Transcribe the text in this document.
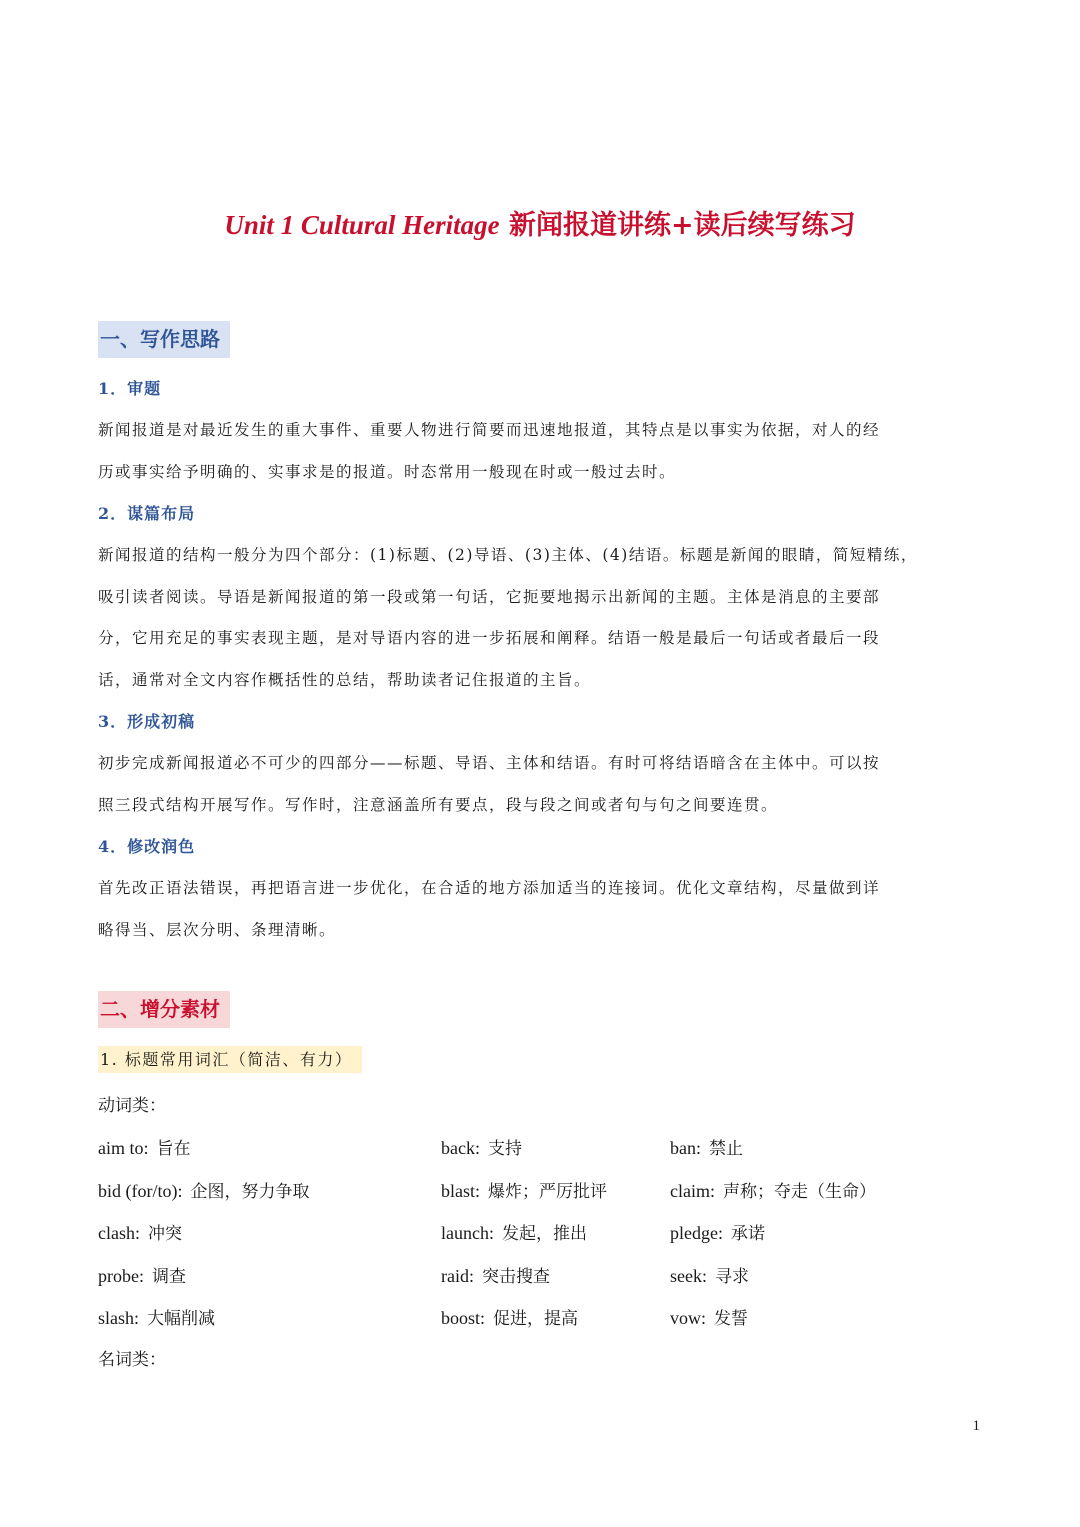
Unit 1 Cultural Heritage 新闻报道讲练+读后续写练习
一、写作思路
1．审题
新闻报道是对最近发生的重大事件、重要人物进行简要而迅速地报道，其特点是以事实为依据，对人的经
历或事实给予明确的、实事求是的报道。时态常用一般现在时或一般过去时。
2．谋篇布局
新闻报道的结构一般分为四个部分：(1)标题、(2)导语、(3)主体、(4)结语。标题是新闻的眼睛，简短精练，
吸引读者阅读。导语是新闻报道的第一段或第一句话，它扼要地揭示出新闻的主题。主体是消息的主要部
分，它用充足的事实表现主题，是对导语内容的进一步拓展和阐释。结语一般是最后一句话或者最后一段
话，通常对全文内容作概括性的总结，帮助读者记住报道的主旨。
3．形成初稿
初步完成新闻报道必不可少的四部分——标题、导语、主体和结语。有时可将结语暗含在主体中。可以按
照三段式结构开展写作。写作时，注意涵盖所有要点，段与段之间或者句与句之间要连贯。
4．修改润色
首先改正语法错误，再把语言进一步优化，在合适的地方添加适当的连接词。优化文章结构，尽量做到详
略得当、层次分明、条理清晰。
二、增分素材
1. 标题常用词汇（简洁、有力）
动词类：
aim to: 旨在	back: 支持	ban: 禁止
bid (for/to): 企图，努力争取	blast: 爆炸；严厉批评	claim: 声称；夺走（生命）
clash: 冲突	launch: 发起，推出	pledge: 承诺
probe: 调查	raid: 突击搜查	seek: 寻求
slash: 大幅削减	boost: 促进，提高	vow: 发誓
名词类：
1
